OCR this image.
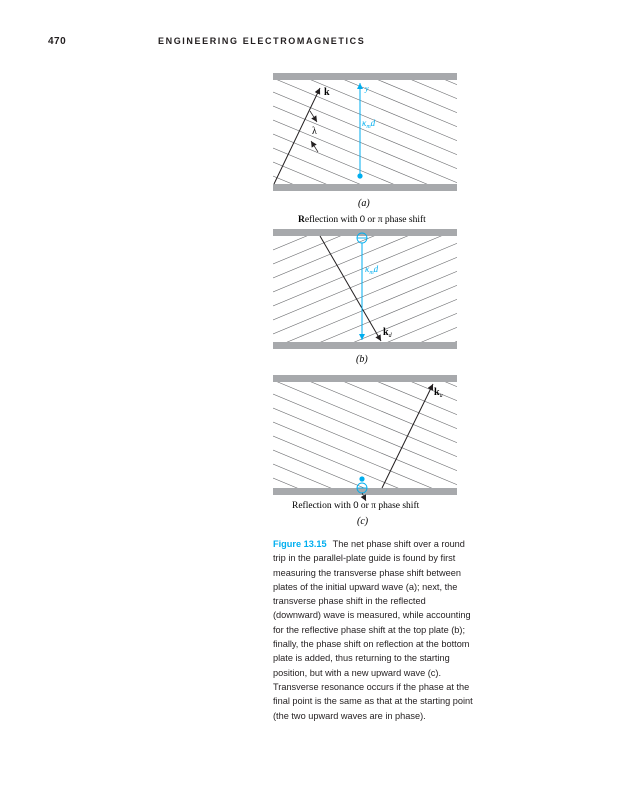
470	ENGINEERING ELECTROMAGNETICS
k	y
$\kappa_md$
λ
(a)
Reflection with 0 or π phase shift
$\kappa_md$
$k_d$
(b)
$k_u$
Reflection with 0 or π phase shift
(c)
Figure 13.15 The net phase shift over a round trip in the parallel-plate guide is found by first measuring the transverse phase shift between plates of the initial upward wave (a); next, the transverse phase shift in the reflected (downward) wave is measured, while accounting for the reflective phase shift at the top plate (b); finally, the phase shift on reflection at the bottom plate is added, thus returning to the starting position, but with a new upward wave (c). Transverse resonance occurs if the phase at the final point is the same as that at the starting point (the two upward waves are in phase).
